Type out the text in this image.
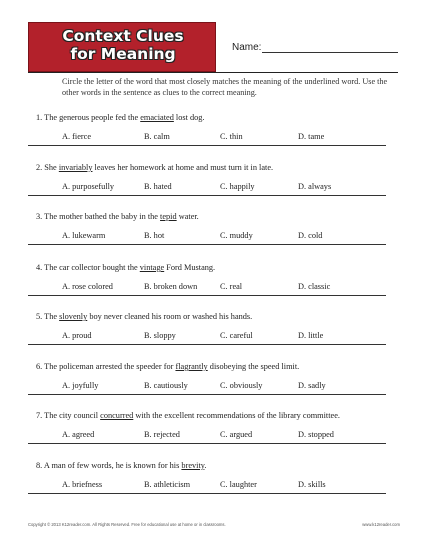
Context Clues
for Meaning	Name:
Circle the letter of the word that most closely matches the meaning of the underlined word. Use the other words in the sentence as clues to the correct meaning.
1. The generous people fed the emaciated lost dog.
A. fierce	B. calm	C. thin	D. tame
2. She invariably leaves her homework at home and must turn it in late.
A. purposefully	B. hated	C. happily	D. always
3. The mother bathed the baby in the tepid water.
A. lukewarm	B. hot	C. muddy	D. cold
4. The car collector bought the vintage Ford Mustang.
A. rose colored	B. broken down	C. real	D. classic
5. The slovenly boy never cleaned his room or washed his hands.
A. proud	B. sloppy	C. careful	D. little
6. The policeman arrested the speeder for flagrantly disobeying the speed limit.
A. joyfully	B. cautiously	C. obviously	D. sadly
7. The city council concurred with the excellent recommendations of the library committee.
A. agreed	B. rejected	C. argued	D. stopped
8. A man of few words, he is known for his brevity.
A. briefness	B. athleticism	C. laughter	D. skills
Copyright © 2013 K12reader.com. All Rights Reserved. Free for educational use at home or in classrooms.	www.k12reader.com
